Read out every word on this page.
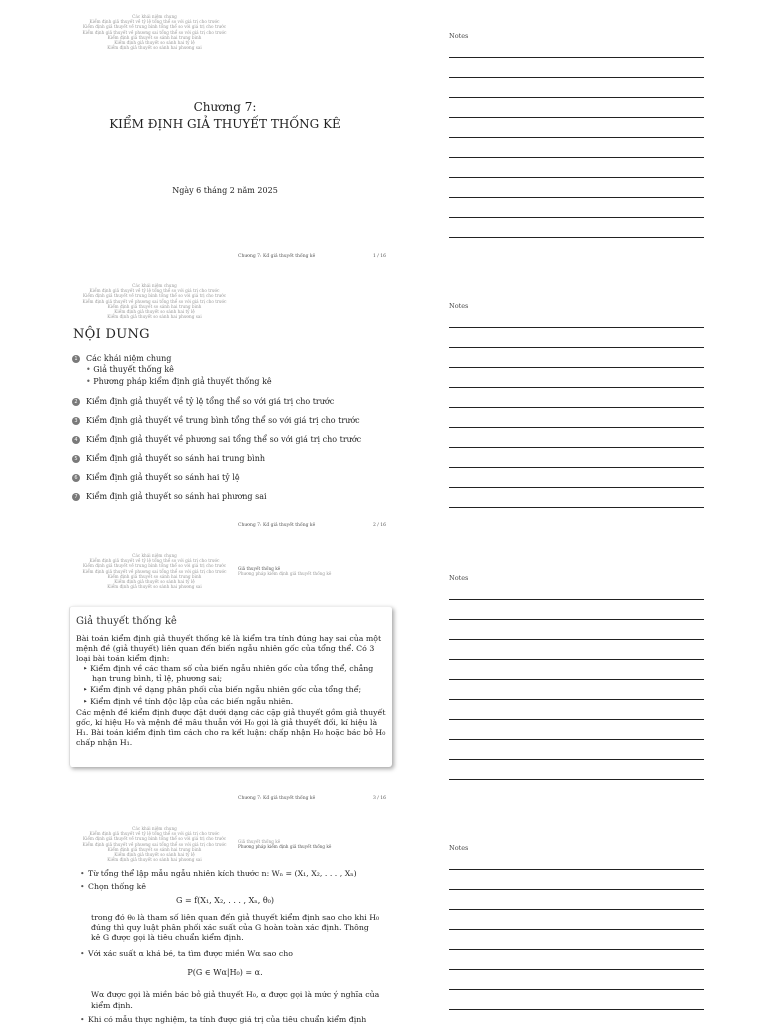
Các khái niệm chung
Kiểm định giả thuyết về tỷ lệ tổng thể so với giá trị cho trước
Kiểm định giả thuyết về trung bình tổng thể so với giá trị cho trước
Kiểm định giả thuyết về phương sai tổng thể so với giá trị cho trước
Kiểm định giả thuyết so sánh hai trung bình
Kiểm định giả thuyết so sánh hai tỷ lệ
Kiểm định giả thuyết so sánh hai phương sai
Chương 7:
KIỂM ĐỊNH GIẢ THUYẾT THỐNG KÊ
Ngày 6 tháng 2 năm 2025
Chương 7: Kđ giả thuyết thống kê	1 / 16
Notes
Các khái niệm chung
Kiểm định giả thuyết về tỷ lệ tổng thể so với giá trị cho trước
Kiểm định giả thuyết về trung bình tổng thể so với giá trị cho trước
Kiểm định giả thuyết về phương sai tổng thể so với giá trị cho trước
Kiểm định giả thuyết so sánh hai trung bình
Kiểm định giả thuyết so sánh hai tỷ lệ
Kiểm định giả thuyết so sánh hai phương sai
NỘI DUNG
1 Các khái niệm chung
• Giả thuyết thống kê
• Phương pháp kiểm định giả thuyết thống kê
2 Kiểm định giả thuyết về tỷ lệ tổng thể so với giá trị cho trước
3 Kiểm định giả thuyết về trung bình tổng thể so với giá trị cho trước
4 Kiểm định giả thuyết về phương sai tổng thể so với giá trị cho trước
5 Kiểm định giả thuyết so sánh hai trung bình
6 Kiểm định giả thuyết so sánh hai tỷ lệ
7 Kiểm định giả thuyết so sánh hai phương sai
Chương 7: Kđ giả thuyết thống kê	2 / 16
Notes
Các khái niệm chung
Kiểm định giả thuyết về tỷ lệ tổng thể so với giá trị cho trước
Kiểm định giả thuyết về trung bình tổng thể so với giá trị cho trước
Kiểm định giả thuyết về phương sai tổng thể so với giá trị cho trước
Kiểm định giả thuyết so sánh hai trung bình
Kiểm định giả thuyết so sánh hai tỷ lệ
Kiểm định giả thuyết so sánh hai phương sai
Giả thuyết thống kê
Phương pháp kiểm định giả thuyết thống kê
Giả thuyết thống kê

Bài toán kiểm định giả thuyết thống kê là kiểm tra tính đúng hay sai của một mệnh đề (giả thuyết) liên quan đến biến ngẫu nhiên gốc của tổng thể. Có 3 loại bài toán kiểm định:

‣ Kiểm định về các tham số của biến ngẫu nhiên gốc của tổng thể, chẳng hạn trung bình, tỉ lệ, phương sai;

‣ Kiểm định về dạng phân phối của biến ngẫu nhiên gốc của tổng thể;

‣ Kiểm định về tính độc lập của các biến ngẫu nhiên.

Các mệnh đề kiểm định được đặt dưới dạng các cặp giả thuyết gồm giả thuyết gốc, kí hiệu H₀ và mệnh đề mâu thuẫn với H₀ gọi là giả thuyết đối, kí hiệu là H₁. Bài toán kiểm định tìm cách cho ra kết luận: chấp nhận H₀ hoặc bác bỏ H₀ chấp nhận H₁.

Chương 7: Kđ giả thuyết thống kê	3 / 16
Notes
Các khái niệm chung
Kiểm định giả thuyết về tỷ lệ tổng thể so với giá trị cho trước
Kiểm định giả thuyết về trung bình tổng thể so với giá trị cho trước
Kiểm định giả thuyết về phương sai tổng thể so với giá trị cho trước
Kiểm định giả thuyết so sánh hai trung bình
Kiểm định giả thuyết so sánh hai tỷ lệ
Kiểm định giả thuyết so sánh hai phương sai
Giả thuyết thống kê
Phương pháp kiểm định giả thuyết thống kê
• Từ tổng thể lập mẫu ngẫu nhiên kích thước n: Wₙ = (X₁, X₂, . . . , Xₙ)
• Chọn thống kê
G = f(X₁, X₂, . . . , Xₙ, θ₀)
trong đó θ₀ là tham số liên quan đến giả thuyết kiểm định sao cho khi H₀
đúng thì quy luật phân phối xác suất của G hoàn toàn xác định. Thông
kê G được gọi là tiêu chuẩn kiểm định.
• Với xác suất α khá bé, ta tìm được miền Wα sao cho
P(G ∈ Wα|H₀) = α.
Wα được gọi là miền bác bỏ giả thuyết H₀, α được gọi là mức ý nghĩa của
kiểm định.
• Khi có mẫu thực nghiệm, ta tính được giá trị của tiêu chuẩn kiểm định
Notes
